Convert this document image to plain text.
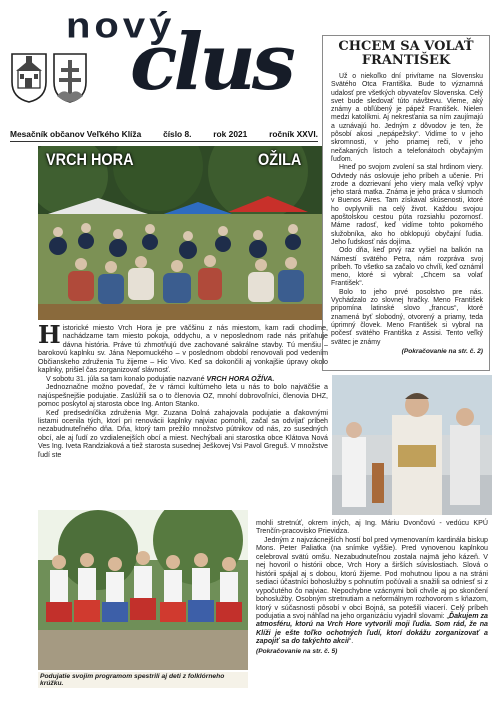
nový
clus
Mesačník občanov Veľkého Klíža	číslo 8.	rok 2021	ročník XXVI.
CHCEM SA VOLAŤ FRANTIŠEK

Už o niekoľko dní privítame na Slovensku Svätého Otca Františka. Bude to významná udalosť pre všetkých obyvateľov Slovenska. Celý svet bude sledovať túto návštevu. Vieme, aký známy a obľúbený je pápež František. Nielen medzi katolíkmi. Aj nekresťania sa ním zaujímajú a uznávajú ho. Jedným z dôvodov je ten, že pôsobí akosi „nepápežsky“. Vidíme to v jeho skromnosti, v jeho priamej reči, v jeho nečakaných listoch a telefonátoch obyčajným ľuďom.

Hneď po svojom zvolení sa stal hrdinom viery. Odvtedy nás oslovuje jeho príbeh a učenie. Pri zrode a dozrievaní jeho viery mala veľký vplyv jeho stará matka. Známa je jeho práca v slumoch v Buenos Aires. Tam získaval skúsenosti, ktoré ho ovplyvnili na celý život. Každou svojou apoštolskou cestou púta rozsiahlu pozornosť. Máme radosť, keď vidíme tohto pokorného služobníka, ako ho obklopujú obyčajní ľudia. Jeho ľudskosť nás dojíma.

Odo dňa, keď prvý raz vyšiel na balkón na Námestí svätého Petra, nám rozpráva svoj príbeh. To všetko sa začalo vo chvíli, keď oznámil meno, ktoré si vybral: „Chcem sa volať František“.

Bolo to jeho prvé posolstvo pre nás. Vychádzalo zo slovnej hračky. Meno František pripomína latinské slovo „francus“, ktoré znamená byť slobodný, otvorený a priamy, teda úprimný človek. Meno František si vybral na počesť svätého Františka z Assisi. Tento veľký svätec je známy

(Pokračovanie na str. č. 2)
VRCH HORA	OŽILA

Historické miesto Vrch Hora je pre väčšinu z nás miestom, kam radi chodíme, nachádzame tam miesto pokoja, oddychu, a v neposlednom rade nás priťahuje dávna história. Práve tú zhmotňujú dve zachované sakrálne stavby. Tú menšiu – barokovú kaplnku sv. Jána Nepomuckého – v poslednom období renovovali pod vedením Občianskeho združenia Tu žijeme – Hic Vivo. Keď sa dokončili aj vonkajšie úpravy okolo kaplnky, prišiel čas zorganizovať slávnosť.

V sobotu 31. júla sa tam konalo podujatie nazvané VRCH HORA OŽÍVA.

Jednoznačne možno povedať, že v rámci kultúrneho leta u nás to bolo najväčšie a najúspešnejšie podujatie. Zaslúžili sa o to členovia OZ, mnohí dobrovoľníci, členovia DHZ, pomoc poskytol aj starosta obce Ing. Anton Stanko.

Keď predsedníčka združenia Mgr. Zuzana Dolná zahajovala podujatie a ďakovnými listami ocenila tých, ktorí pri renovácii kaplnky najviac pomohli, začal sa odvíjať príbeh nezabudnuteľného dňa. Dňa, ktorý tam prežilo množstvo pútnikov od nás, zo susedných obcí, ale aj ľudí zo vzdialenejších obcí a miest. Nechýbali ani starostka obce Klátova Nová Ves Ing. Iveta Randziaková a tiež starosta susednej Ješkovej Vsi Pavol Greguš. V množstve ľudí ste

Podujatie svojim programom spestrili aj deti z folklórneho krúžku.

mohli stretnúť, okrem iných, aj Ing. Máriu Dvončovú - vedúcu KPÚ Trenčín-pracovisko Prievidza.

Jedným z najvzácnejších hostí bol pred vymenovaním kardinála biskup Mons. Peter Paliatka (na snímke vyššie). Pred vynovenou kaplnkou celebroval svätú omšu. Nezabudnuteľnou zostala najmä jeho kázeň. V nej hovoril o histórii obce, Vrch Hory a širších súvislostiach. Slová o histórii spájal aj s dobou, ktorú žijeme. Pod mohutnou lipou a na stráni sediaci účastníci bohoslužby s pohnutím počúvali a snažili sa odniesť si z vypočutého čo najviac. Nepochybne vzácnymi boli chvíle aj po skončení bohoslužby. Osobným stretnutiam a neformálnym rozhovorom s kňazom, ktorý v súčasnosti pôsobí v obci Bojná, sa potešili viacerí. Celý príbeh podujatia a svoj náhľad na jeho organizáciu vyjadril slovami: „Ďakujem za atmosféru, ktorú na Vrch Hore vytvorili moji ľudia. Som rád, že na Klíži je ešte toľko ochotných ľudí, ktorí dokážu zorganizovať a zapojiť sa do takýchto akcií“.

(Pokračovanie na str. č. 5)
